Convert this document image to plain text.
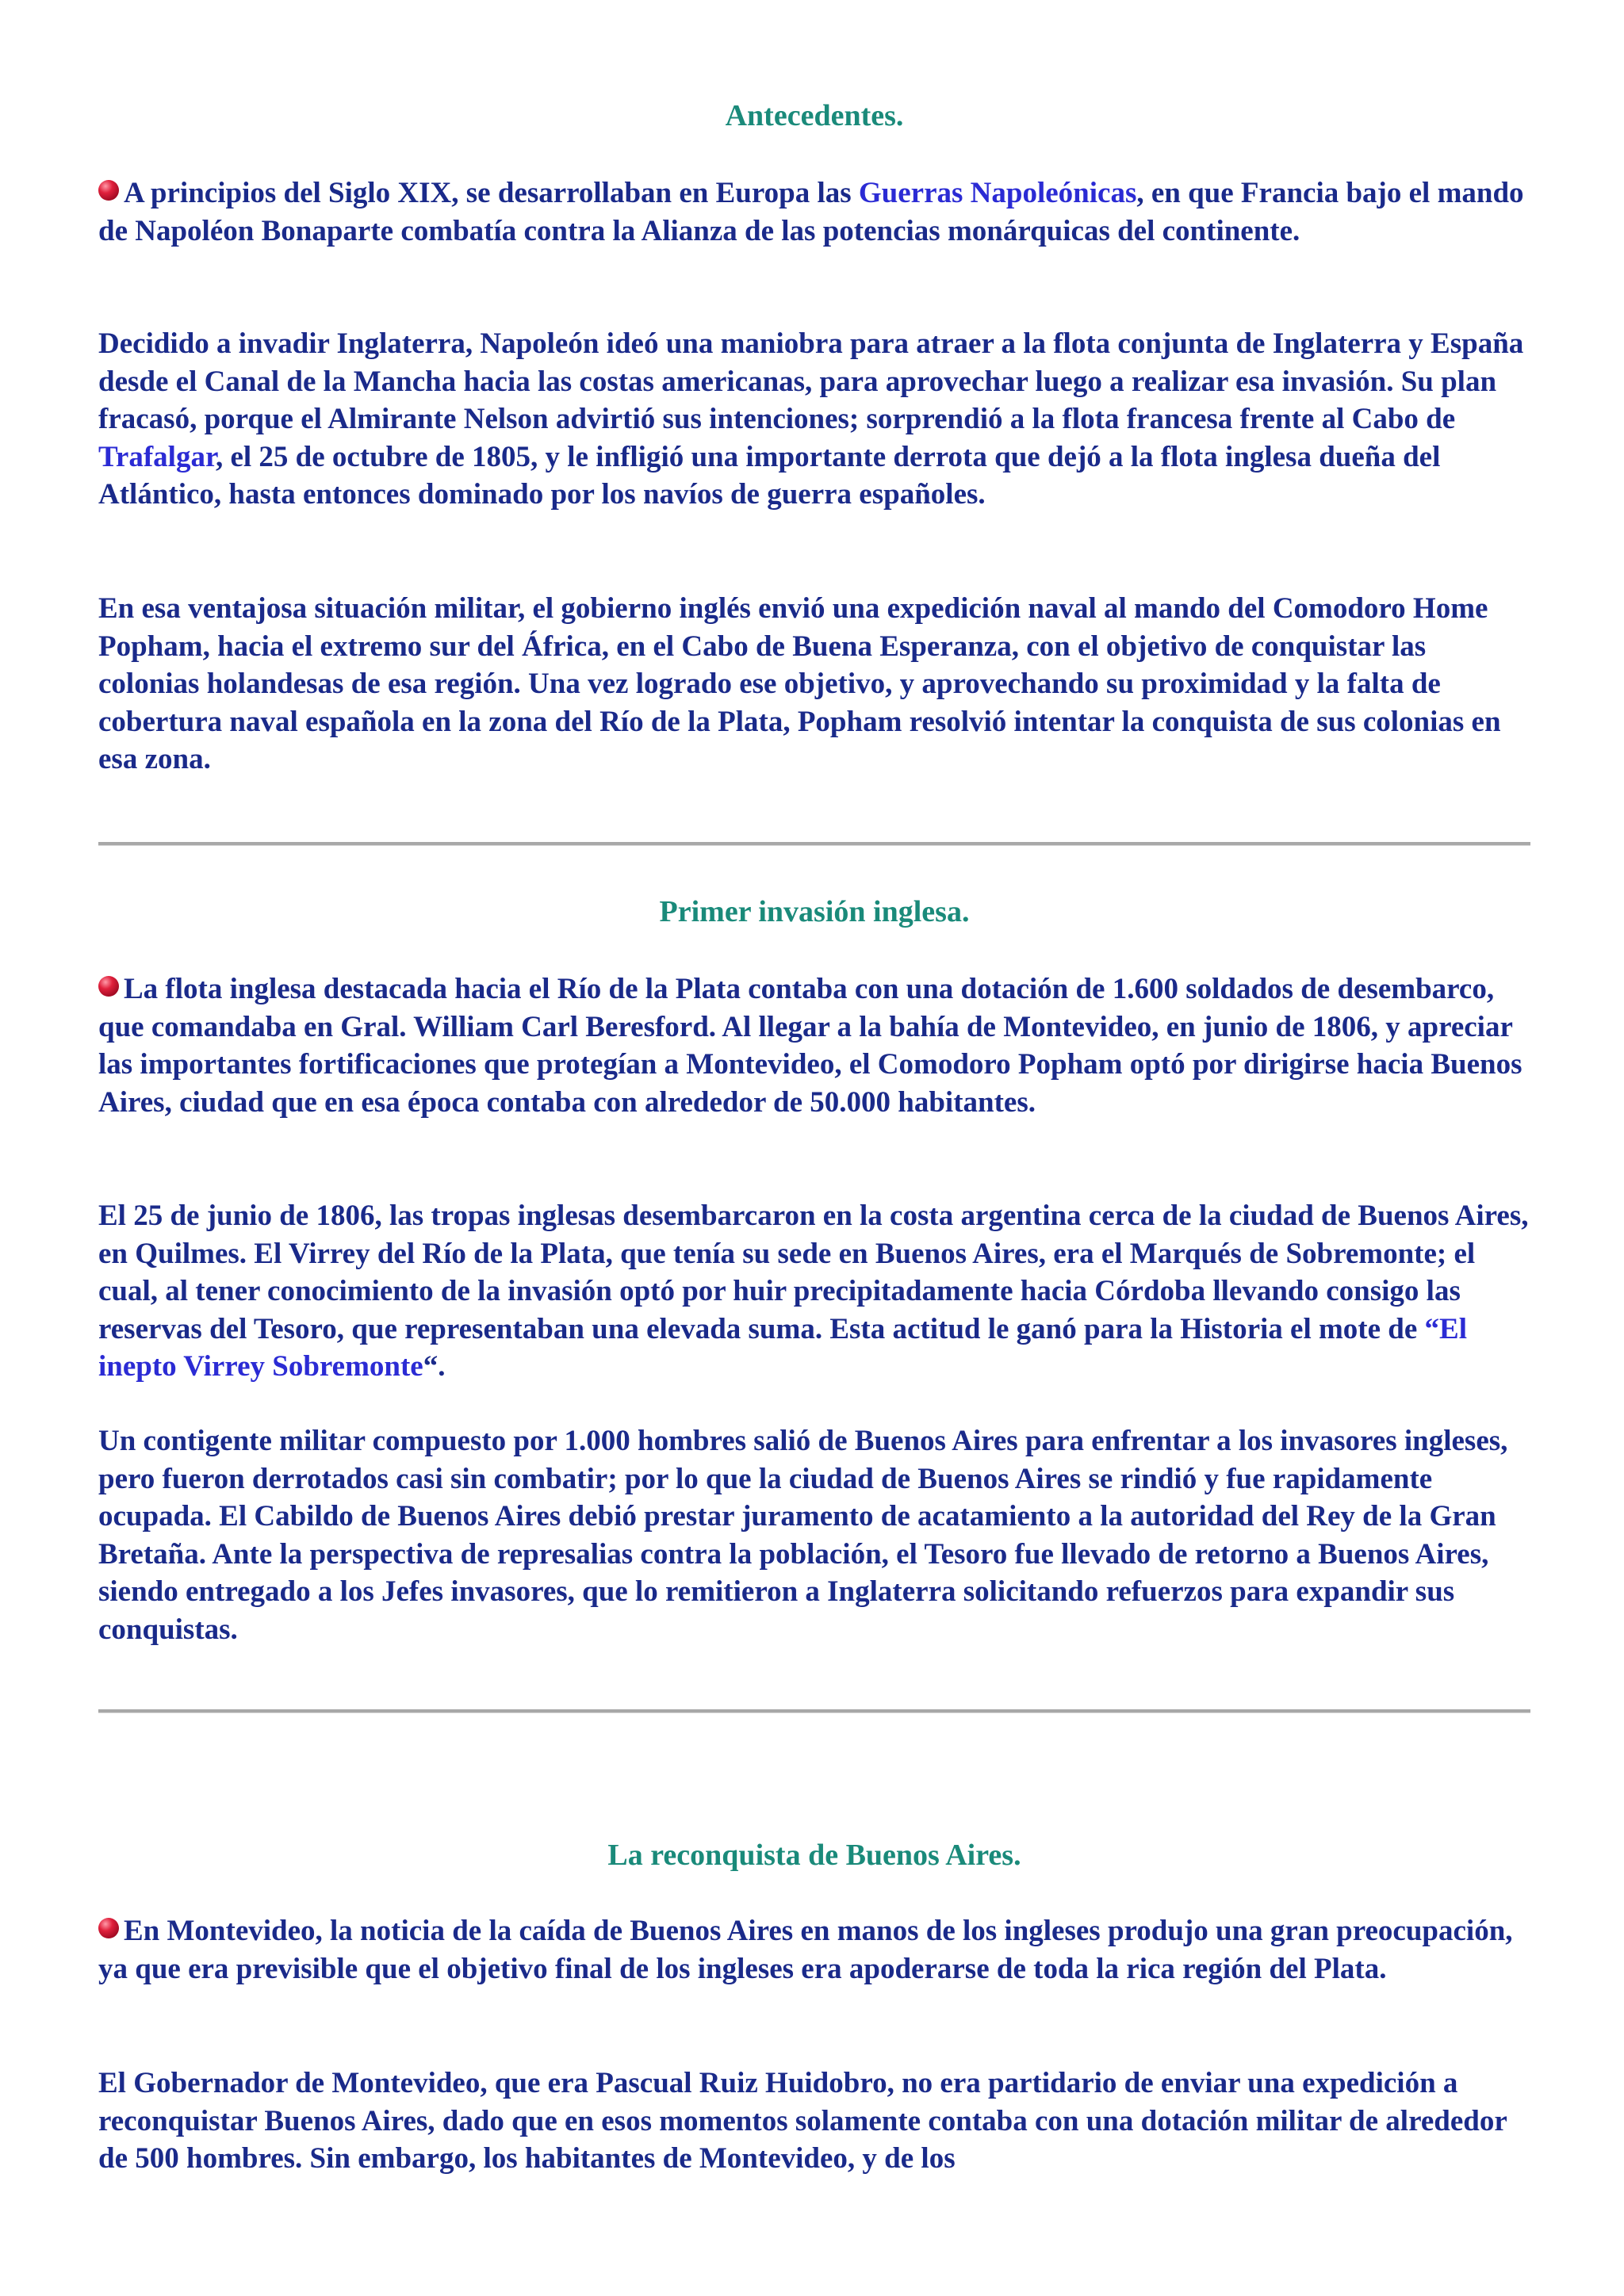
Antecedentes.

A principios del Siglo XIX, se desarrollaban en Europa las Guerras Napoleónicas, en que Francia bajo el mando de Napoléon Bonaparte combatía contra la Alianza de las potencias monárquicas del continente.

Decidido a invadir Inglaterra, Napoleón ideó una maniobra para atraer a la flota conjunta de Inglaterra y España desde el Canal de la Mancha hacia las costas americanas, para aprovechar luego a realizar esa invasión. Su plan fracasó, porque el Almirante Nelson advirtió sus intenciones; sorprendió a la flota francesa frente al Cabo de Trafalgar, el 25 de octubre de 1805, y le infligió una importante derrota que dejó a la flota inglesa dueña del Atlántico, hasta entonces dominado por los navíos de guerra españoles.

En esa ventajosa situación militar, el gobierno inglés envió una expedición naval al mando del Comodoro Home Popham, hacia el extremo sur del África, en el Cabo de Buena Esperanza, con el objetivo de conquistar las colonias holandesas de esa región. Una vez logrado ese objetivo, y aprovechando su proximidad y la falta de cobertura naval española en la zona del Río de la Plata, Popham resolvió intentar la conquista de sus colonias en esa zona.

Primer invasión inglesa.

La flota inglesa destacada hacia el Río de la Plata contaba con una dotación de 1.600 soldados de desembarco, que comandaba en Gral. William Carl Beresford. Al llegar a la bahía de Montevideo, en junio de 1806, y apreciar las importantes fortificaciones que protegían a Montevideo, el Comodoro Popham optó por dirigirse hacia Buenos Aires, ciudad que en esa época contaba con alrededor de 50.000 habitantes.

El 25 de junio de 1806, las tropas inglesas desembarcaron en la costa argentina cerca de la ciudad de Buenos Aires, en Quilmes. El Virrey del Río de la Plata, que tenía su sede en Buenos Aires, era el Marqués de Sobremonte; el cual, al tener conocimiento de la invasión optó por huir precipitadamente hacia Córdoba llevando consigo las reservas del Tesoro, que representaban una elevada suma. Esta actitud le ganó para la Historia el mote de “El inepto Virrey Sobremonte“.

Un contigente militar compuesto por 1.000 hombres salió de Buenos Aires para enfrentar a los invasores ingleses, pero fueron derrotados casi sin combatir; por lo que la ciudad de Buenos Aires se rindió y fue rapidamente ocupada. El Cabildo de Buenos Aires debió prestar juramento de acatamiento a la autoridad del Rey de la Gran Bretaña. Ante la perspectiva de represalias contra la población, el Tesoro fue llevado de retorno a Buenos Aires, siendo entregado a los Jefes invasores, que lo remitieron a Inglaterra solicitando refuerzos para expandir sus conquistas.

La reconquista de Buenos Aires.

En Montevideo, la noticia de la caída de Buenos Aires en manos de los ingleses produjo una gran preocupación, ya que era previsible que el objetivo final de los ingleses era apoderarse de toda la rica región del Plata.

El Gobernador de Montevideo, que era Pascual Ruiz Huidobro, no era partidario de enviar una expedición a reconquistar Buenos Aires, dado que en esos momentos solamente contaba con una dotación militar de alrededor de 500 hombres. Sin embargo, los habitantes de Montevideo, y de los
